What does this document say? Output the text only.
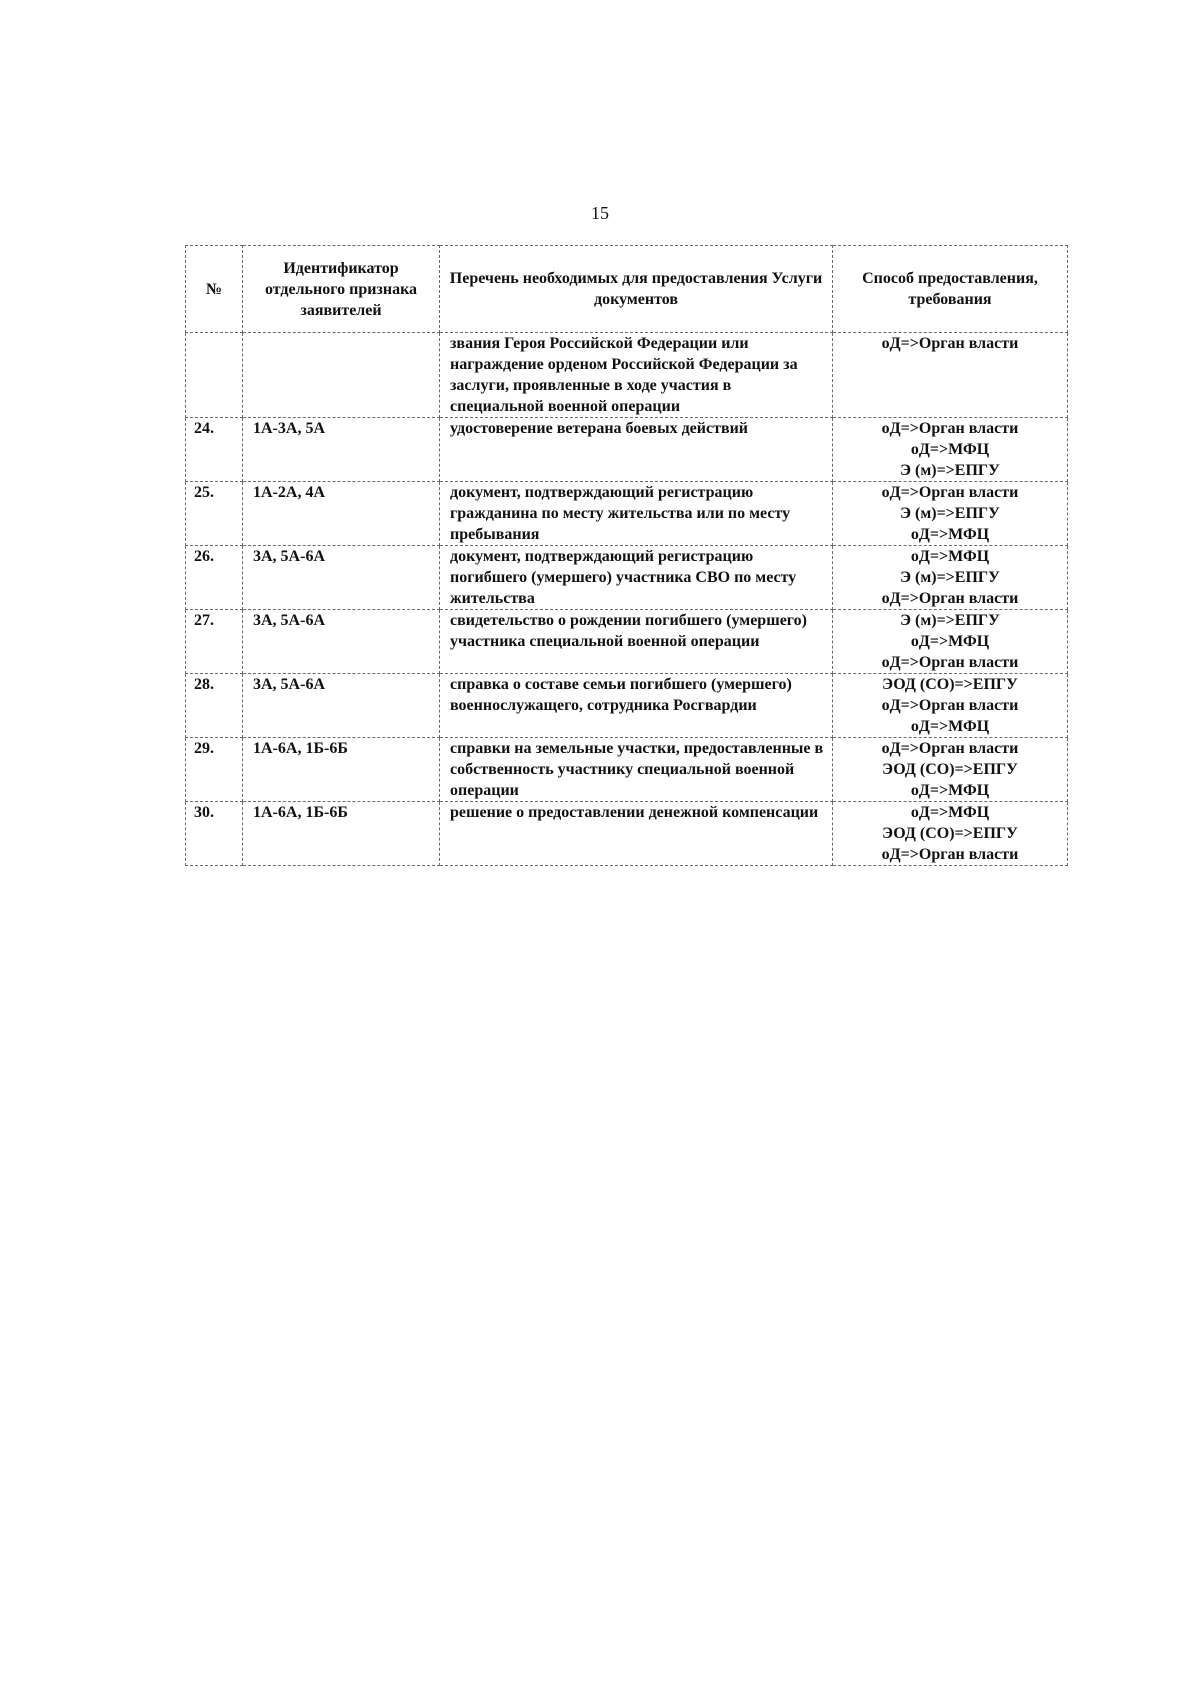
15
№	Идентификатор отдельного признака заявителей	Перечень необходимых для предоставления Услуги документов	Способ предоставления, требования
		звания Героя Российской Федерации или награждение орденом Российской Федерации за заслуги, проявленные в ходе участия в специальной военной операции	оД=>Орган власти

24.	1А-3А, 5А	удостоверение ветерана боевых действий	оД=>Орган власти
оД=>МФЦ
Э (м)=>ЕПГУ

25.	1А-2А, 4А	документ, подтверждающий регистрацию гражданина по месту жительства или по месту пребывания	оД=>Орган власти
Э (м)=>ЕПГУ
оД=>МФЦ

26.	3А, 5А-6А	документ, подтверждающий регистрацию погибшего (умершего) участника СВО по месту жительства	оД=>МФЦ
Э (м)=>ЕПГУ
оД=>Орган власти

27.	3А, 5А-6А	свидетельство о рождении погибшего (умершего) участника специальной военной операции	Э (м)=>ЕПГУ
оД=>МФЦ
оД=>Орган власти

28.	3А, 5А-6А	справка о составе семьи погибшего (умершего) военнослужащего, сотрудника Росгвардии	ЭОД (СО)=>ЕПГУ
оД=>Орган власти
оД=>МФЦ

29.	1А-6А, 1Б-6Б	справки на земельные участки, предоставленные в собственность участнику специальной военной операции	оД=>Орган власти
ЭОД (СО)=>ЕПГУ
оД=>МФЦ

30.	1А-6А, 1Б-6Б	решение о предоставлении денежной компенсации	оД=>МФЦ
ЭОД (СО)=>ЕПГУ
оД=>Орган власти
